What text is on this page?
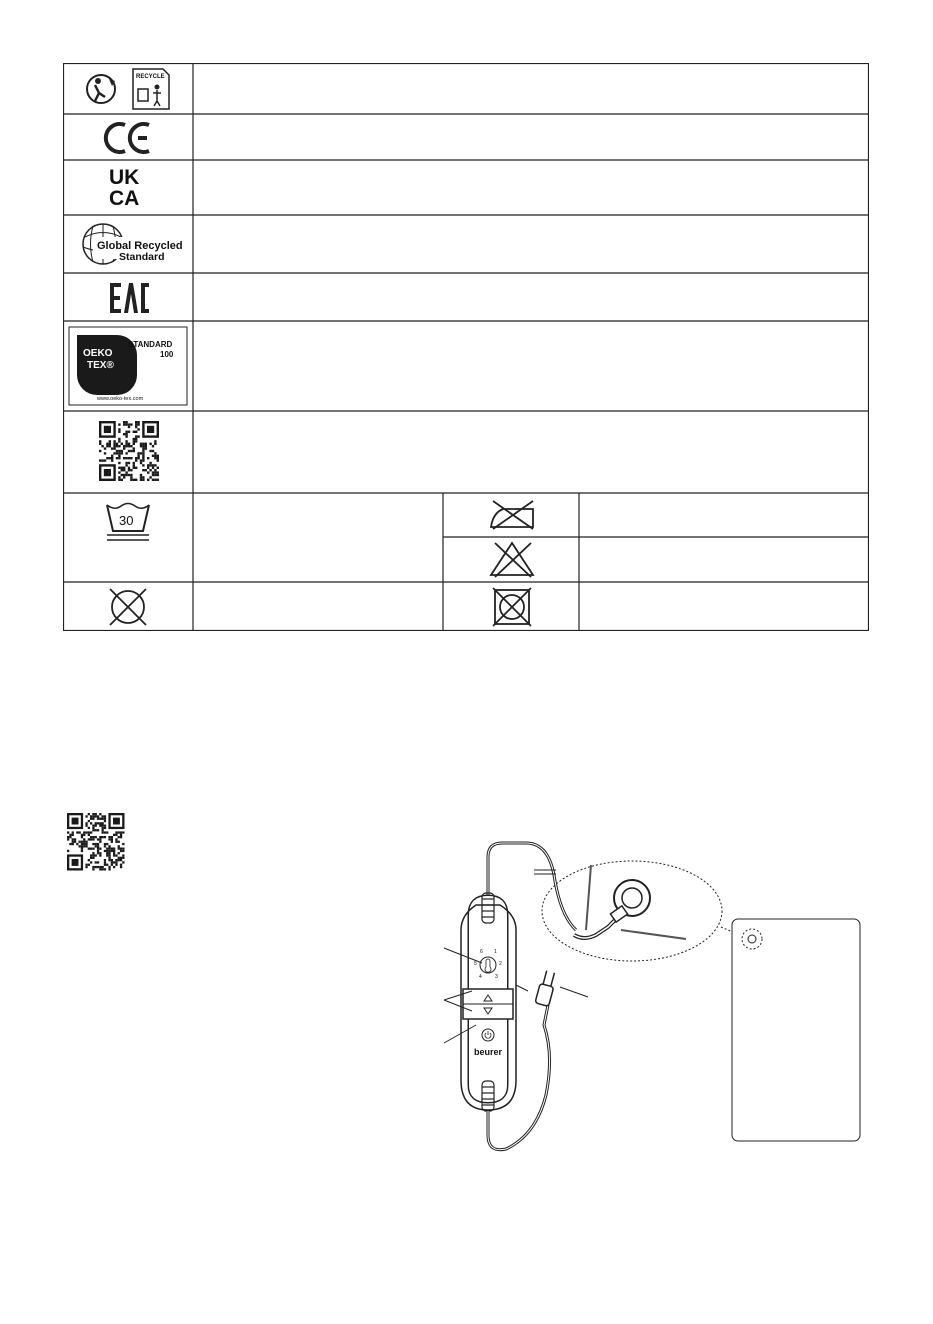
RECYCLE
UK
CA
Global Recycled
Standard
OEKO
TEX®
STANDARD
100
www.oeko-tex.com
30
6 1
5	2
4	3
beurer
